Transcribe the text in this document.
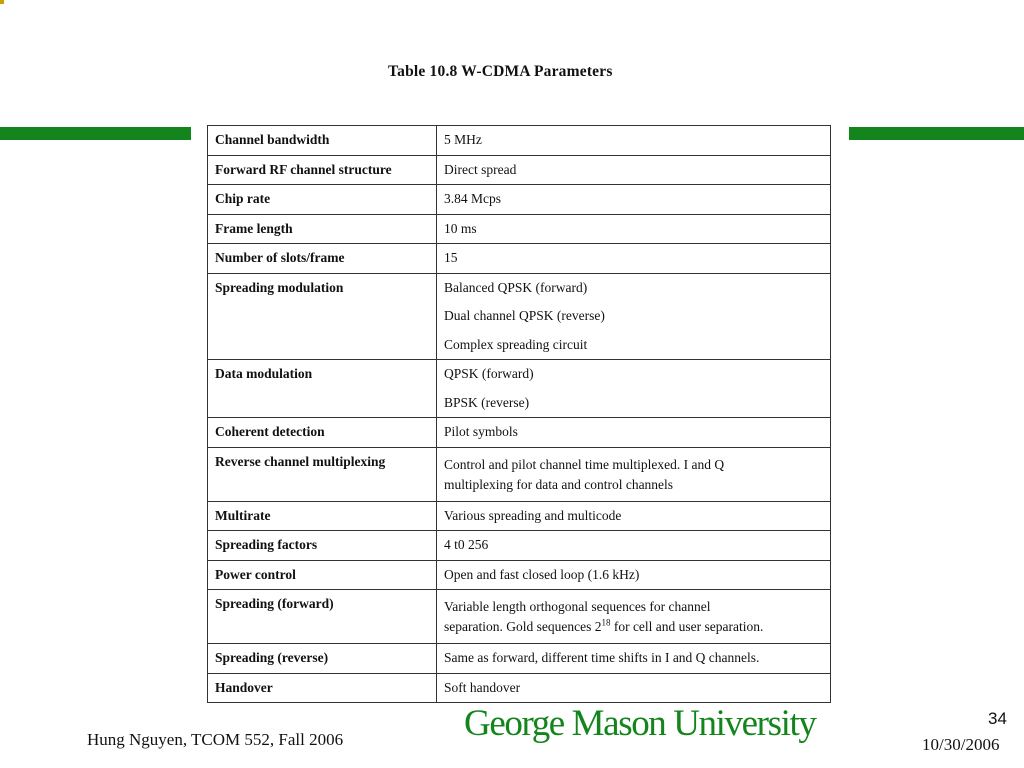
Table 10.8 W-CDMA Parameters
Channel bandwidth	5 MHz
Forward RF channel structure	Direct spread
Chip rate	3.84 Mcps
Frame length	10 ms
Number of slots/frame	15
Spreading modulation	Balanced QPSK (forward)
Dual channel QPSK (reverse)
Complex spreading circuit

Data modulation	QPSK (forward)
BPSK (reverse)

Coherent detection	Pilot symbols
Reverse channel multiplexing	Control and pilot channel time multiplexed. I and Q
multiplexing for data and control channels

Multirate	Various spreading and multicode
Spreading factors	4 t0 256
Power control	Open and fast closed loop (1.6 kHz)
Spreading (forward)	Variable length orthogonal sequences for channel
separation. Gold sequences $2^{18}$ for cell and user separation.

Spreading (reverse)	Same as forward, different time shifts in I and Q channels.
Handover	Soft handover
Hung Nguyen, TCOM 552, Fall 2006	George Mason University	34
10/30/2006
